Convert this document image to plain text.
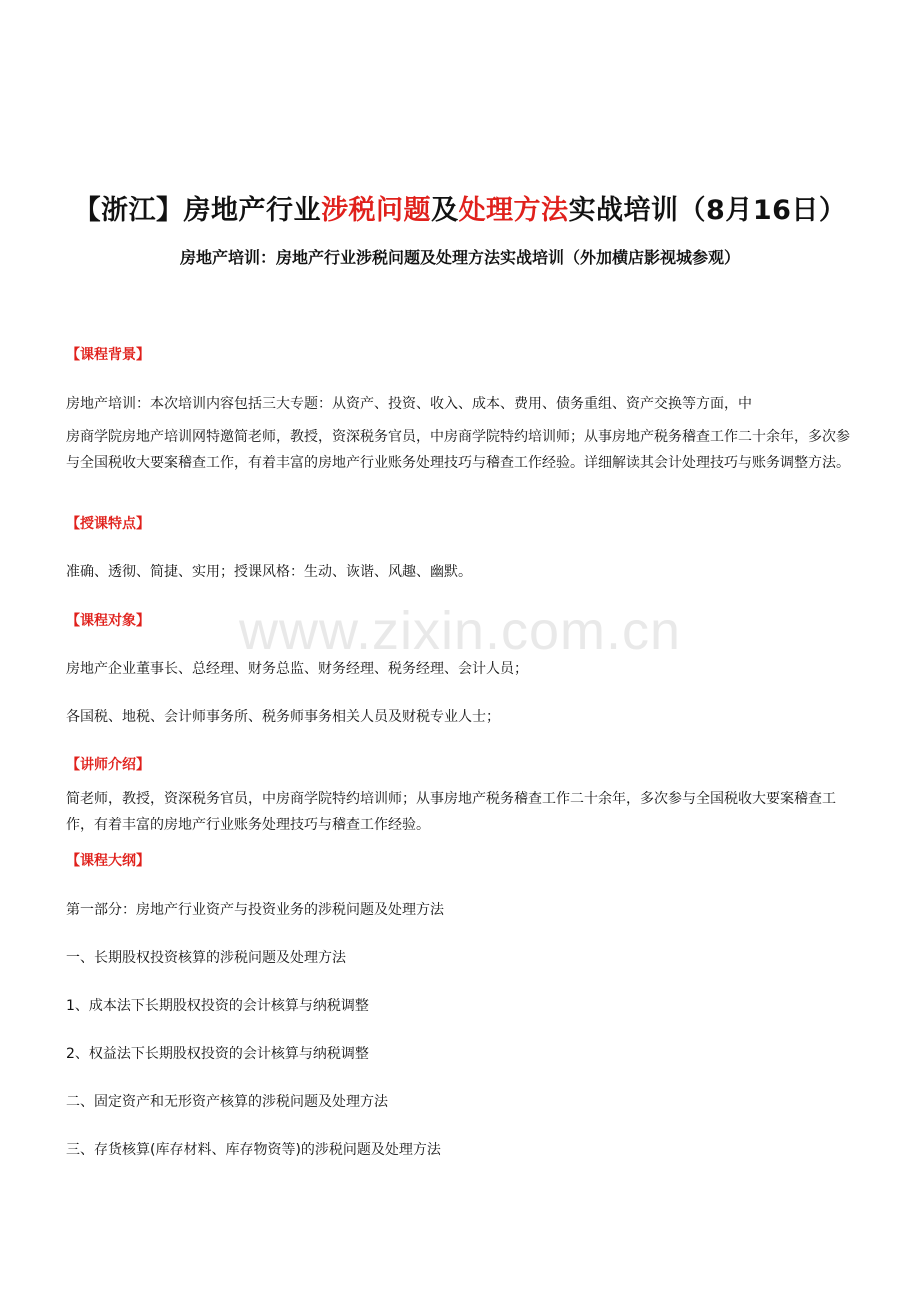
【浙江】房地产行业涉税问题及处理方法实战培训（8月16日）
房地产培训：房地产行业涉税问题及处理方法实战培训（外加横店影视城参观）
【课程背景】
房地产培训：本次培训内容包括三大专题：从资产、投资、收入、成本、费用、债务重组、资产交换等方面，中
房商学院房地产培训网特邀简老师，教授，资深税务官员，中房商学院特约培训师；从事房地产税务稽查工作二十余年，多次参与全国税收大要案稽查工作，有着丰富的房地产行业账务处理技巧与稽查工作经验。详细解读其会计处理技巧与账务调整方法。
【授课特点】
准确、透彻、简捷、实用；授课风格：生动、诙谐、风趣、幽默。
【课程对象】
房地产企业董事长、总经理、财务总监、财务经理、税务经理、会计人员；
各国税、地税、会计师事务所、税务师事务相关人员及财税专业人士；
【讲师介绍】
简老师，教授，资深税务官员，中房商学院特约培训师；从事房地产税务稽查工作二十余年，多次参与全国税收大要案稽查工作，有着丰富的房地产行业账务处理技巧与稽查工作经验。
【课程大纲】
第一部分：房地产行业资产与投资业务的涉税问题及处理方法
一、长期股权投资核算的涉税问题及处理方法
1、成本法下长期股权投资的会计核算与纳税调整
2、权益法下长期股权投资的会计核算与纳税调整
二、固定资产和无形资产核算的涉税问题及处理方法
三、存货核算(库存材料、库存物资等)的涉税问题及处理方法
www.zixin.com.cn
